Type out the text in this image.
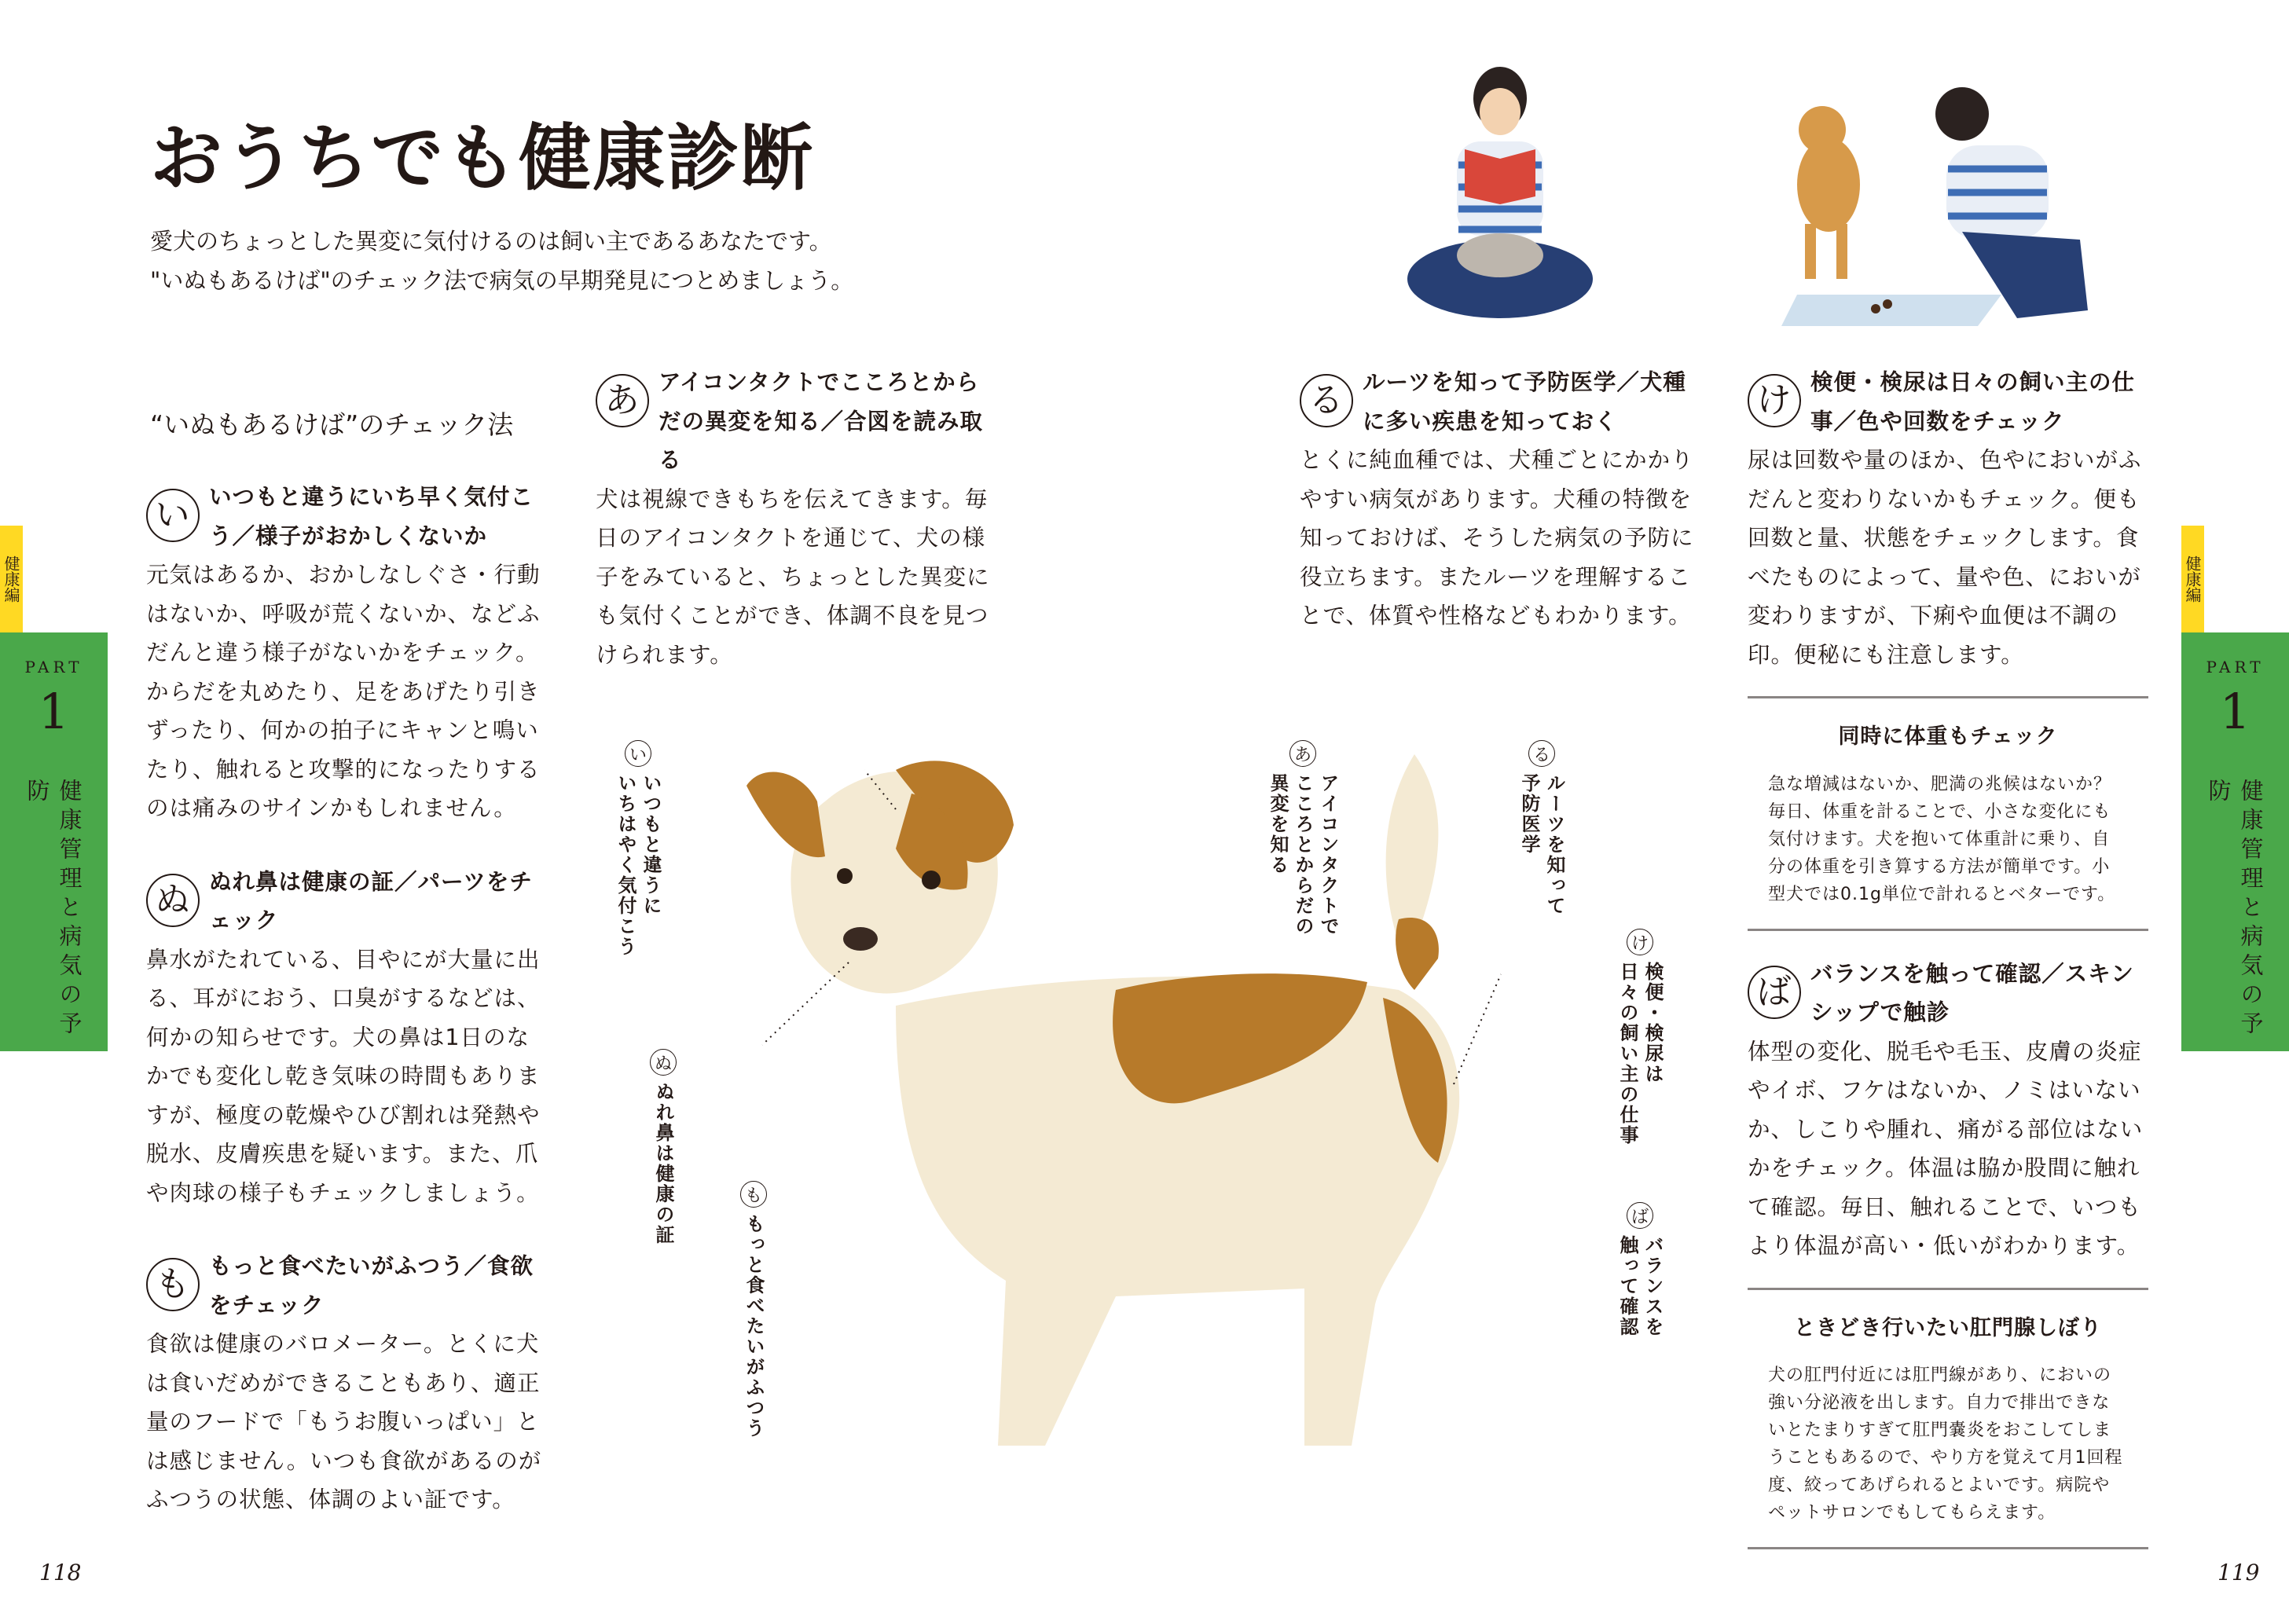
おうちでも健康診断
愛犬のちょっとした異変に気付けるのは飼い主であるあなたです。
"いぬもあるけば"のチェック法で病気の早期発見につとめましょう。
“いぬもあるけば”のチェック法
い いつもと違うにいち早く気付こう／様子がおかしくないか

元気はあるか、おかしなしぐさ・行動はないか、呼吸が荒くないか、などふだんと違う様子がないかをチェック。からだを丸めたり、足をあげたり引きずったり、何かの拍子にキャンと鳴いたり、触れると攻撃的になったりするのは痛みのサインかもしれません。

ぬ ぬれ鼻は健康の証／パーツをチェック

鼻水がたれている、目やにが大量に出る、耳がにおう、口臭がするなどは、何かの知らせです。犬の鼻は1日のなかでも変化し乾き気味の時間もありますが、極度の乾燥やひび割れは発熱や脱水、皮膚疾患を疑います。また、爪や肉球の様子もチェックしましょう。

も もっと食べたいがふつう／食欲をチェック

食欲は健康のバロメーター。とくに犬は食いだめができることもあり、適正量のフードで「もうお腹いっぱい」とは感じません。いつも食欲があるのがふつうの状態、体調のよい証です。

あ アイコンタクトでこころとからだの異変を知る／合図を読み取る

犬は視線できもちを伝えてきます。毎日のアイコンタクトを通じて、犬の様子をみていると、ちょっとした異変にも気付くことができ、体調不良を見つけられます。

る ルーツを知って予防医学／犬種に多い疾患を知っておく

とくに純血種では、犬種ごとにかかりやすい病気があります。犬種の特徴を知っておけば、そうした病気の予防に役立ちます。またルーツを理解することで、体質や性格などもわかります。

け 検便・検尿は日々の飼い主の仕事／色や回数をチェック

尿は回数や量のほか、色やにおいがふだんと変わりないかもチェック。便も回数と量、状態をチェックします。食べたものによって、量や色、においが変わりますが、下痢や血便は不調の印。便秘にも注意します。

同時に体重もチェック

急な増減はないか、肥満の兆候はないか？ 毎日、体重を計ることで、小さな変化にも気付けます。犬を抱いて体重計に乗り、自分の体重を引き算する方法が簡単です。小型犬では0.1g単位で計れるとベターです。

ば バランスを触って確認／スキンシップで触診

体型の変化、脱毛や毛玉、皮膚の炎症やイボ、フケはないか、ノミはいないか、しこりや腫れ、痛がる部位はないかをチェック。体温は脇か股間に触れて確認。毎日、触れることで、いつもより体温が高い・低いがわかります。

ときどき行いたい肛門腺しぼり

犬の肛門付近には肛門線があり、においの強い分泌液を出します。自力で排出できないとたまりすぎて肛門嚢炎をおこしてしまうこともあるので、やり方を覚えて月1回程度、絞ってあげられるとよいです。病院やペットサロンでもしてもらえます。

い
いつもと違うに
いちはやく気付こう
ぬ
ぬれ鼻は健康の証	も
もっと食べたいがふつう
あ
アイコンタクトで
こころとからだの
異変を知る
る
ルーツを知って
予防医学
け
検便・検尿は
日々の飼い主の仕事
ば
バランスを
触って確認
健康編
PART
1
健康管理と病気の予防
健康編
PART
1
健康管理と病気の予防
118	119
